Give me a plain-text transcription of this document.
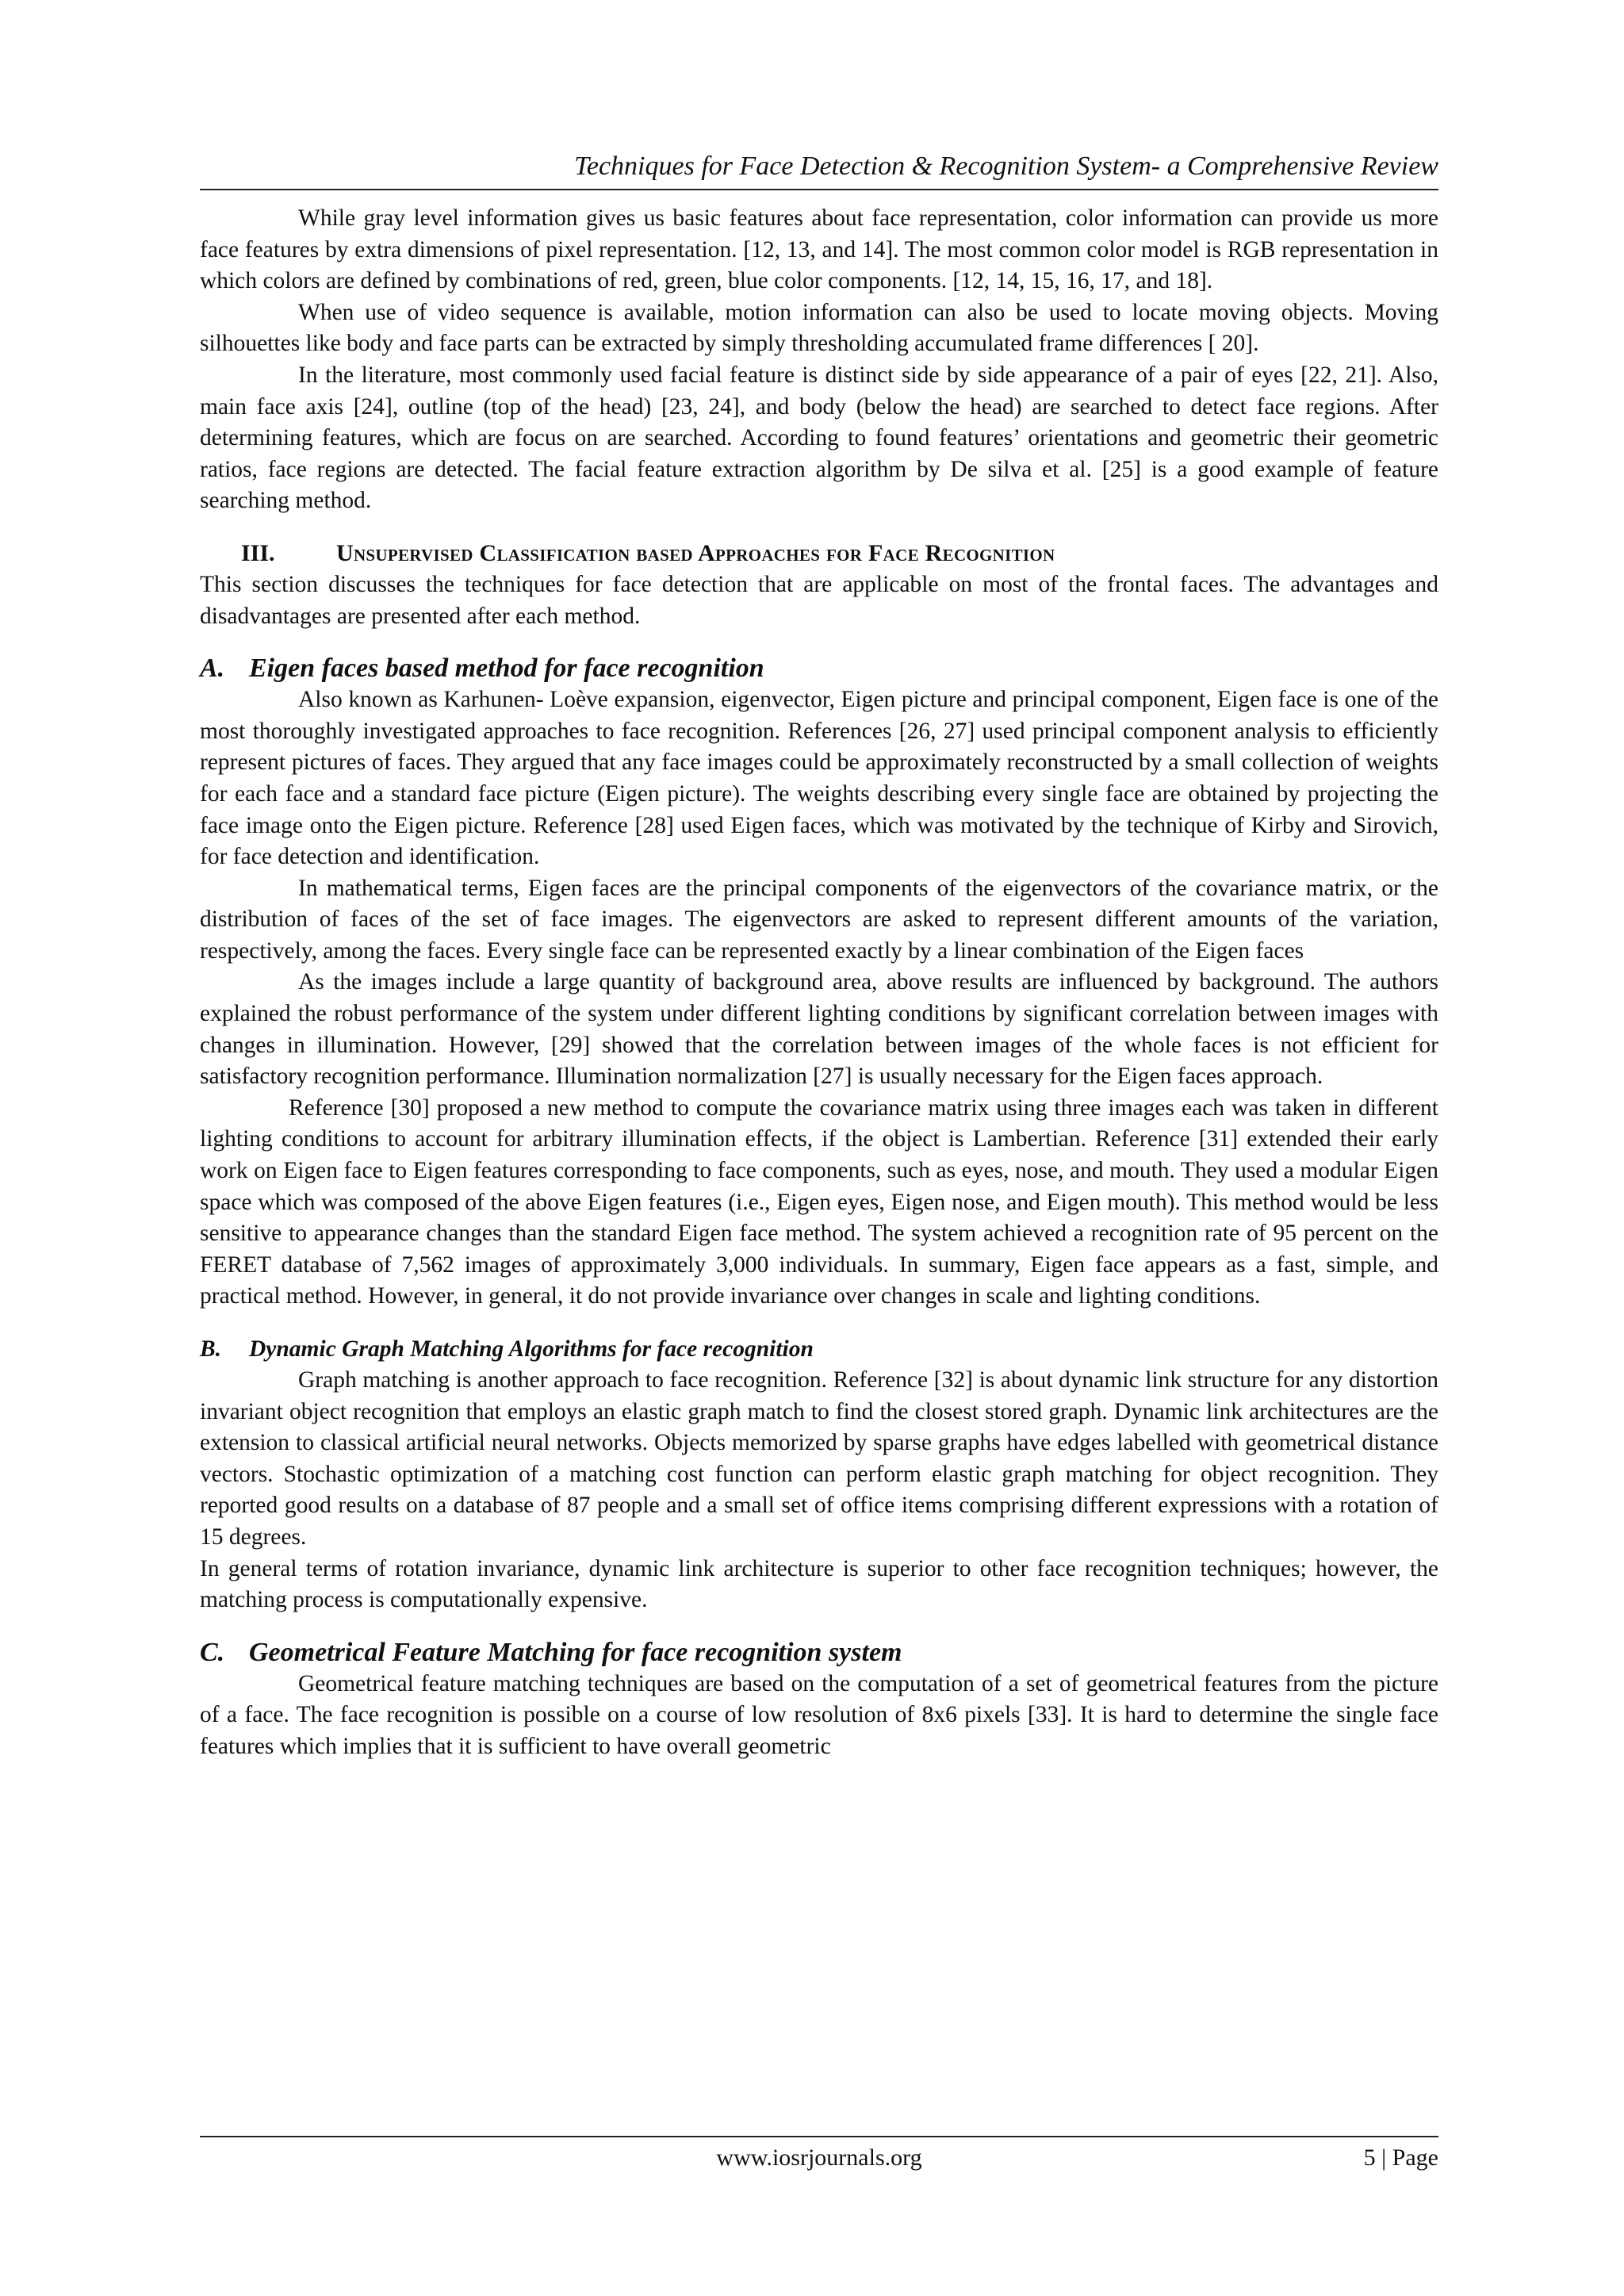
Techniques for Face Detection & Recognition System- a Comprehensive Review

While gray level information gives us basic features about face representation, color information can provide us more face features by extra dimensions of pixel representation. [12, 13, and 14]. The most common color model is RGB representation in which colors are defined by combinations of red, green, blue color components. [12, 14, 15, 16, 17, and 18].

When use of video sequence is available, motion information can also be used to locate moving objects. Moving silhouettes like body and face parts can be extracted by simply thresholding accumulated frame differences [ 20].

In the literature, most commonly used facial feature is distinct side by side appearance of a pair of eyes [22, 21]. Also, main face axis [24], outline (top of the head) [23, 24], and body (below the head) are searched to detect face regions. After determining features, which are focus on are searched. According to found features’ orientations and geometric their geometric ratios, face regions are detected. The facial feature extraction algorithm by De silva et al. [25] is a good example of feature searching method.

III.	Unsupervised Classification based Approaches for Face Recognition

This section discusses the techniques for face detection that are applicable on most of the frontal faces. The advantages and disadvantages are presented after each method.

A. Eigen faces based method for face recognition

Also known as Karhunen- Loève expansion, eigenvector, Eigen picture and principal component, Eigen face is one of the most thoroughly investigated approaches to face recognition. References [26, 27] used principal component analysis to efficiently represent pictures of faces. They argued that any face images could be approximately reconstructed by a small collection of weights for each face and a standard face picture (Eigen picture). The weights describing every single face are obtained by projecting the face image onto the Eigen picture. Reference [28] used Eigen faces, which was motivated by the technique of Kirby and Sirovich, for face detection and identification.

In mathematical terms, Eigen faces are the principal components of the eigenvectors of the covariance matrix, or the distribution of faces of the set of face images. The eigenvectors are asked to represent different amounts of the variation, respectively, among the faces. Every single face can be represented exactly by a linear combination of the Eigen faces

As the images include a large quantity of background area, above results are influenced by background. The authors explained the robust performance of the system under different lighting conditions by significant correlation between images with changes in illumination. However, [29] showed that the correlation between images of the whole faces is not efficient for satisfactory recognition performance. Illumination normalization [27] is usually necessary for the Eigen faces approach.

Reference [30] proposed a new method to compute the covariance matrix using three images each was taken in different lighting conditions to account for arbitrary illumination effects, if the object is Lambertian. Reference [31] extended their early work on Eigen face to Eigen features corresponding to face components, such as eyes, nose, and mouth. They used a modular Eigen space which was composed of the above Eigen features (i.e., Eigen eyes, Eigen nose, and Eigen mouth). This method would be less sensitive to appearance changes than the standard Eigen face method. The system achieved a recognition rate of 95 percent on the FERET database of 7,562 images of approximately 3,000 individuals. In summary, Eigen face appears as a fast, simple, and practical method. However, in general, it do not provide invariance over changes in scale and lighting conditions.

B. Dynamic Graph Matching Algorithms for face recognition

Graph matching is another approach to face recognition. Reference [32] is about dynamic link structure for any distortion invariant object recognition that employs an elastic graph match to find the closest stored graph. Dynamic link architectures are the extension to classical artificial neural networks. Objects memorized by sparse graphs have edges labelled with geometrical distance vectors. Stochastic optimization of a matching cost function can perform elastic graph matching for object recognition. They reported good results on a database of 87 people and a small set of office items comprising different expressions with a rotation of 15 degrees.

In general terms of rotation invariance, dynamic link architecture is superior to other face recognition techniques; however, the matching process is computationally expensive.

C. Geometrical Feature Matching for face recognition system

Geometrical feature matching techniques are based on the computation of a set of geometrical features from the picture of a face. The face recognition is possible on a course of low resolution of 8x6 pixels [33]. It is hard to determine the single face features which implies that it is sufficient to have overall geometric

www.iosrjournals.org	5 | Page
